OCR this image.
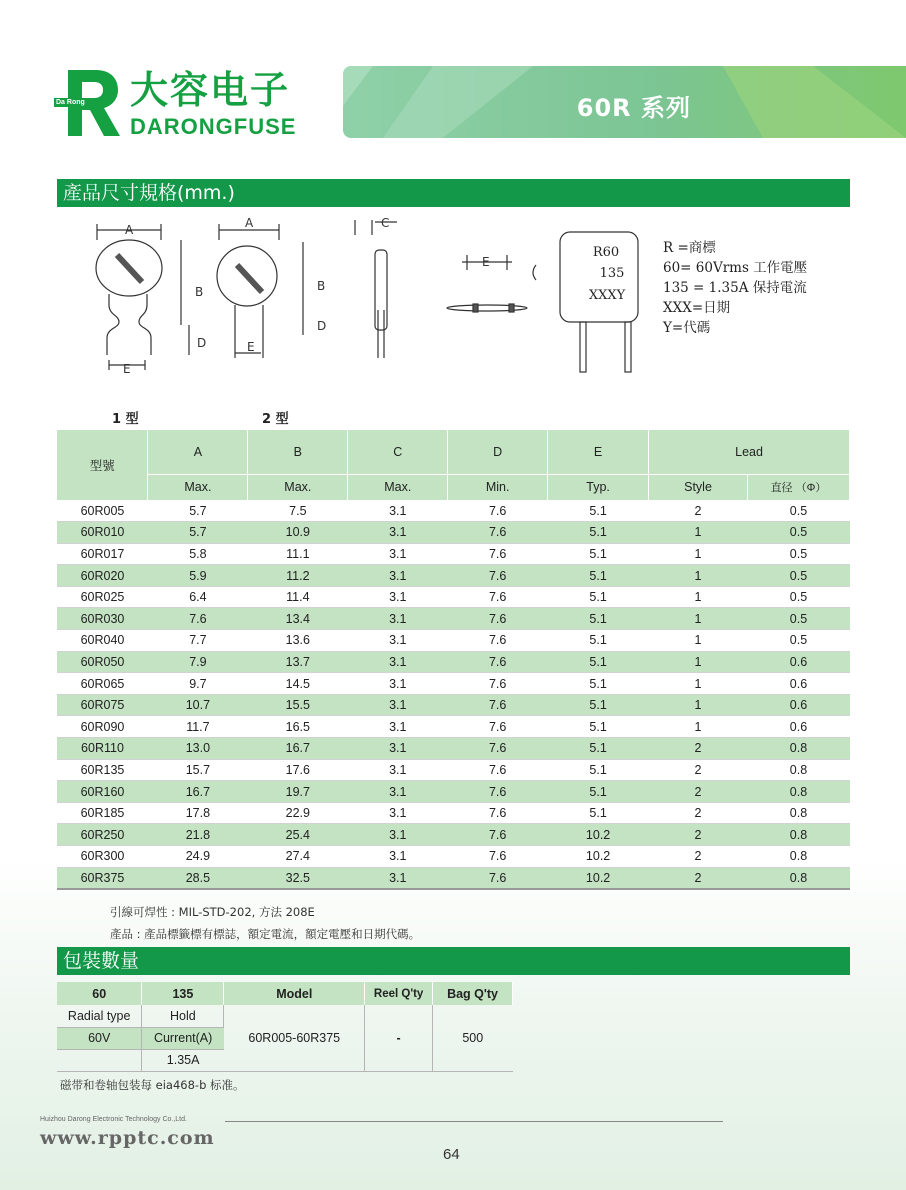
Da Rong 大容电子
DARONGFUSE
60R 系列
產品尺寸規格(mm.)
A
B
D
E
A
B
D
E
C
E
R60
135
XXXY
R =商標
60= 60Vrms 工作電壓
135 = 1.35A 保持電流
XXX=日期
Y=代碼
1 型	2 型
型號	A	B	C	D	E	Lead	
	Max.	Max.	Max.	Min.	Typ.	Style	直径 （Φ）
60R005	5.7	7.5	3.1	7.6	5.1	2	0.5
60R010	5.7	10.9	3.1	7.6	5.1	1	0.5
60R017	5.8	11.1	3.1	7.6	5.1	1	0.5
60R020	5.9	11.2	3.1	7.6	5.1	1	0.5
60R025	6.4	11.4	3.1	7.6	5.1	1	0.5
60R030	7.6	13.4	3.1	7.6	5.1	1	0.5
60R040	7.7	13.6	3.1	7.6	5.1	1	0.5
60R050	7.9	13.7	3.1	7.6	5.1	1	0.6
60R065	9.7	14.5	3.1	7.6	5.1	1	0.6
60R075	10.7	15.5	3.1	7.6	5.1	1	0.6
60R090	11.7	16.5	3.1	7.6	5.1	1	0.6
60R110	13.0	16.7	3.1	7.6	5.1	2	0.8
60R135	15.7	17.6	3.1	7.6	5.1	2	0.8
60R160	16.7	19.7	3.1	7.6	5.1	2	0.8
60R185	17.8	22.9	3.1	7.6	5.1	2	0.8
60R250	21.8	25.4	3.1	7.6	10.2	2	0.8
60R300	24.9	27.4	3.1	7.6	10.2	2	0.8
60R375	28.5	32.5	3.1	7.6	10.2	2	0.8
引線可焊性 : MIL-STD-202, 方法 208E
產品 : 產品標籤標有標誌，額定電流，額定電壓和日期代碼。
包裝數量
60	135	Model	Reel Q'ty	Bag Q'ty
Radial type	Hold	60R005-60R375	-	500
60V	Current(A)			
	1.35A			
磁带和卷轴包装每 eia468-b 标准。
Huizhou Darong Electronic Technology Co.,Ltd.
www.rpptc.com
64
